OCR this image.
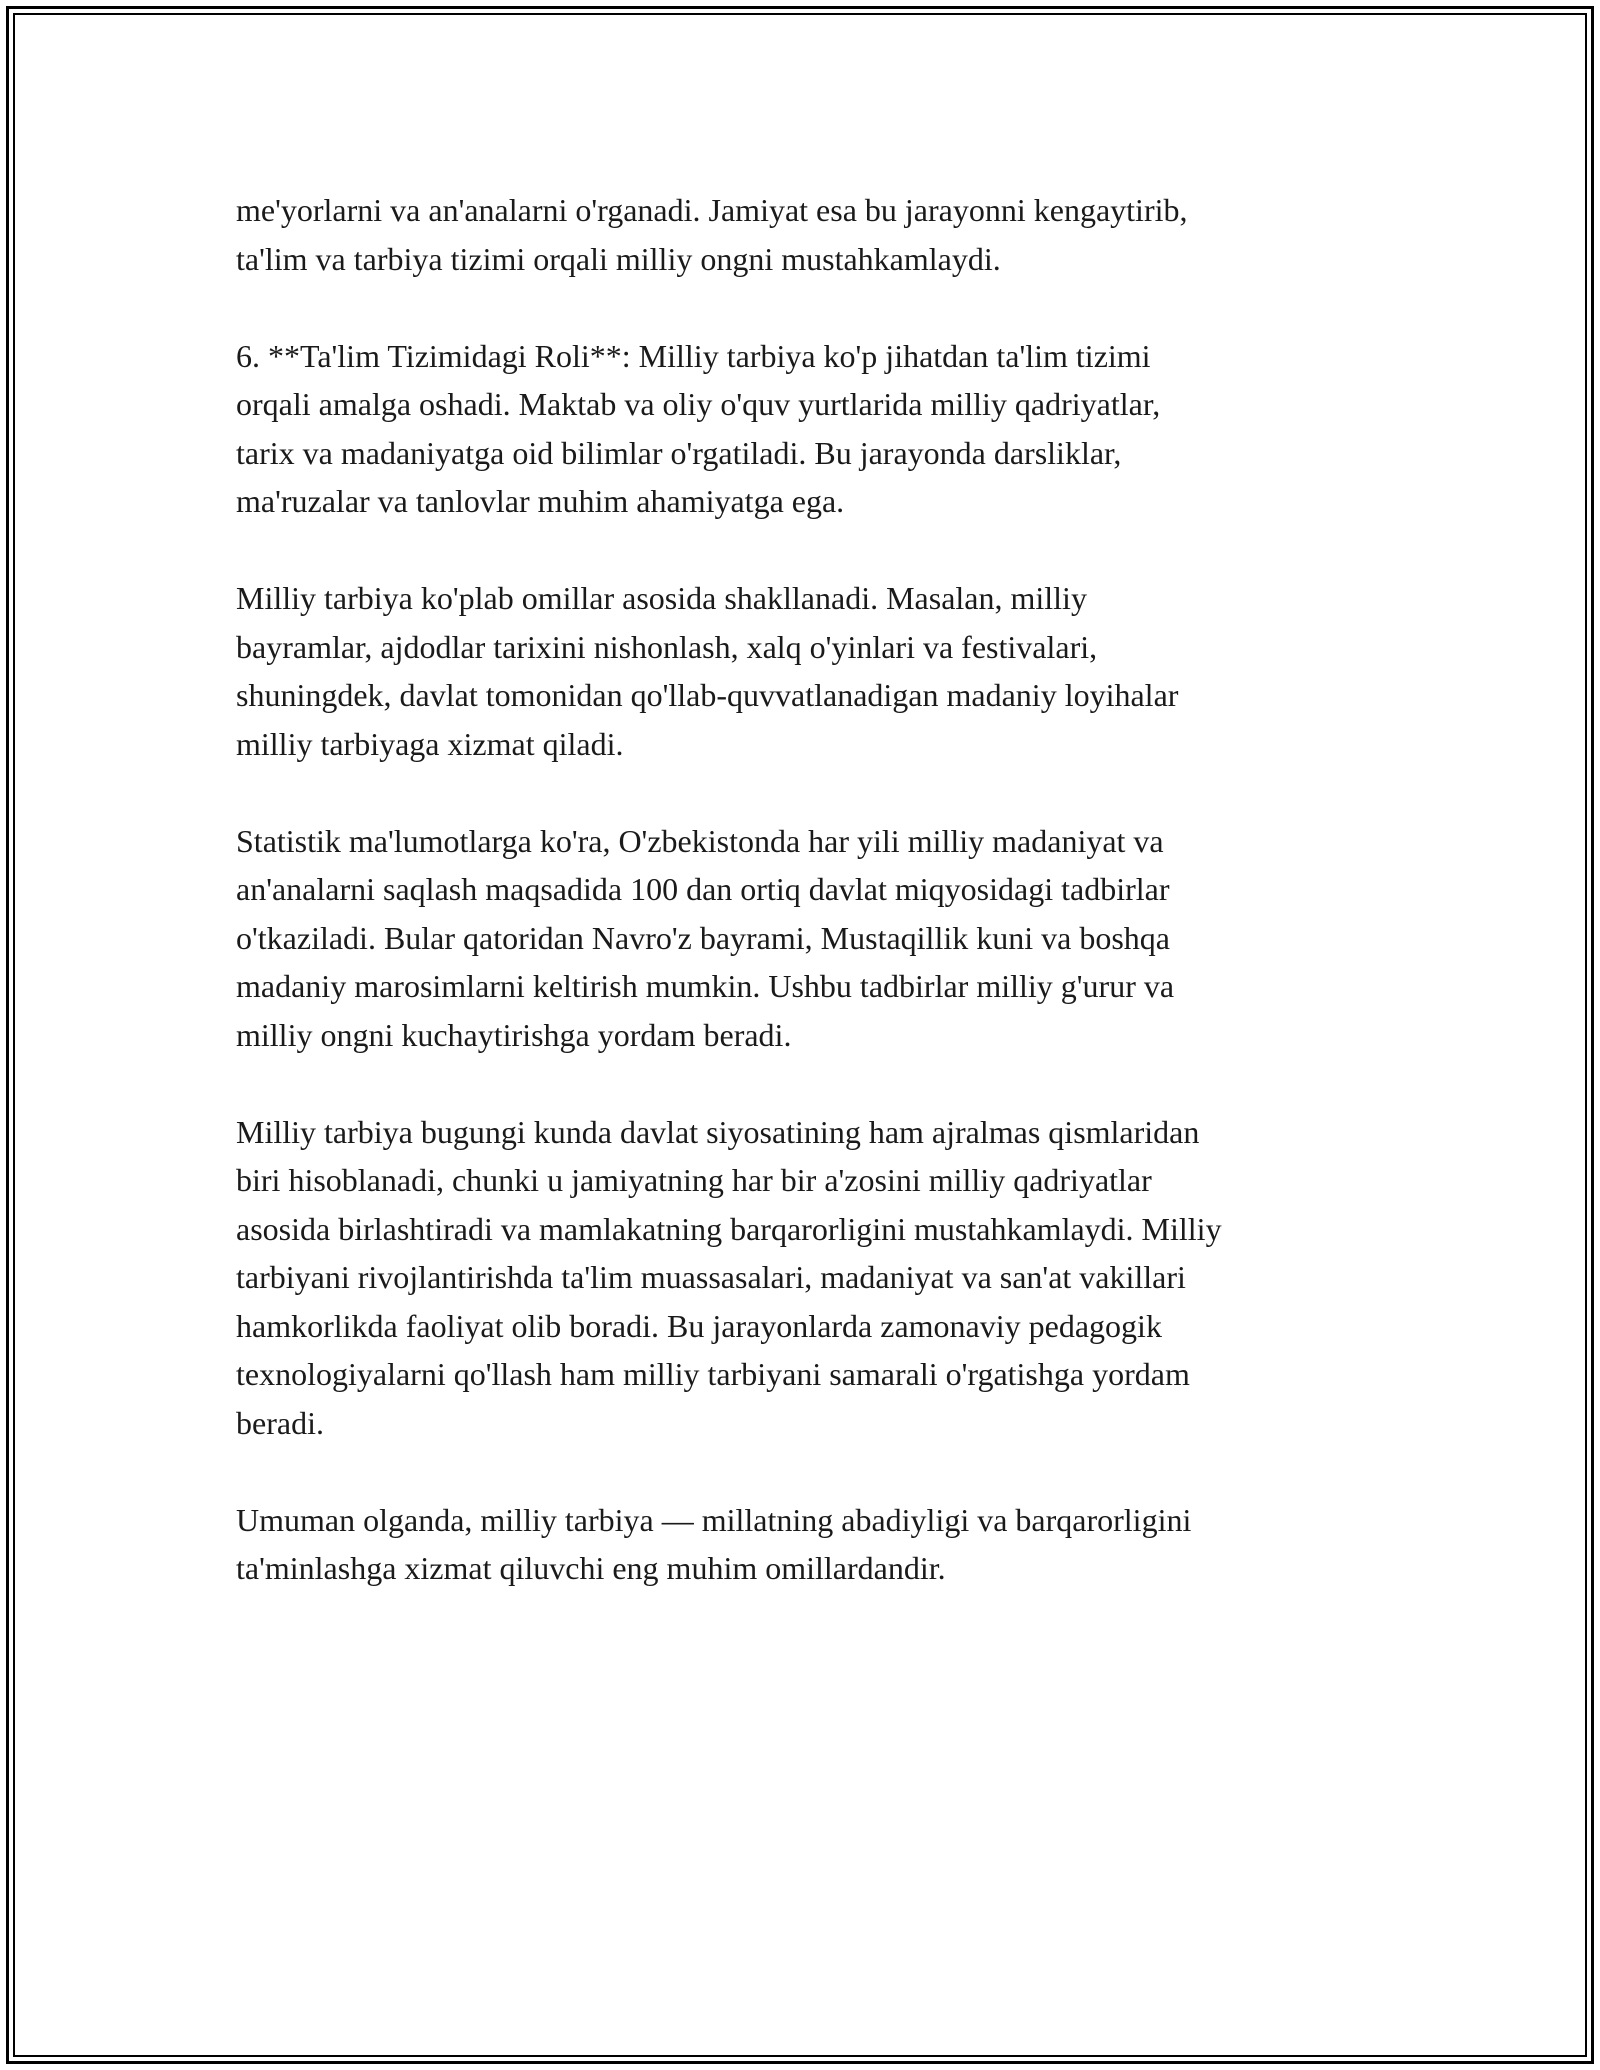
me'yorlarni va an'analarni o'rganadi. Jamiyat esa bu jarayonni kengaytirib,
ta'lim va tarbiya tizimi orqali milliy ongni mustahkamlaydi.

6. **Ta'lim Tizimidagi Roli**: Milliy tarbiya ko'p jihatdan ta'lim tizimi
orqali amalga oshadi. Maktab va oliy o'quv yurtlarida milliy qadriyatlar,
tarix va madaniyatga oid bilimlar o'rgatiladi. Bu jarayonda darsliklar,
ma'ruzalar va tanlovlar muhim ahamiyatga ega.

Milliy tarbiya ko'plab omillar asosida shakllanadi. Masalan, milliy
bayramlar, ajdodlar tarixini nishonlash, xalq o'yinlari va festivalari,
shuningdek, davlat tomonidan qo'llab-quvvatlanadigan madaniy loyihalar
milliy tarbiyaga xizmat qiladi.

Statistik ma'lumotlarga ko'ra, O'zbekistonda har yili milliy madaniyat va
an'analarni saqlash maqsadida 100 dan ortiq davlat miqyosidagi tadbirlar
o'tkaziladi. Bular qatoridan Navro'z bayrami, Mustaqillik kuni va boshqa
madaniy marosimlarni keltirish mumkin. Ushbu tadbirlar milliy g'urur va
milliy ongni kuchaytirishga yordam beradi.

Milliy tarbiya bugungi kunda davlat siyosatining ham ajralmas qismlaridan
biri hisoblanadi, chunki u jamiyatning har bir a'zosini milliy qadriyatlar
asosida birlashtiradi va mamlakatning barqarorligini mustahkamlaydi. Milliy
tarbiyani rivojlantirishda ta'lim muassasalari, madaniyat va san'at vakillari
hamkorlikda faoliyat olib boradi. Bu jarayonlarda zamonaviy pedagogik
texnologiyalarni qo'llash ham milliy tarbiyani samarali o'rgatishga yordam
beradi.

Umuman olganda, milliy tarbiya — millatning abadiyligi va barqarorligini
ta'minlashga xizmat qiluvchi eng muhim omillardandir.
